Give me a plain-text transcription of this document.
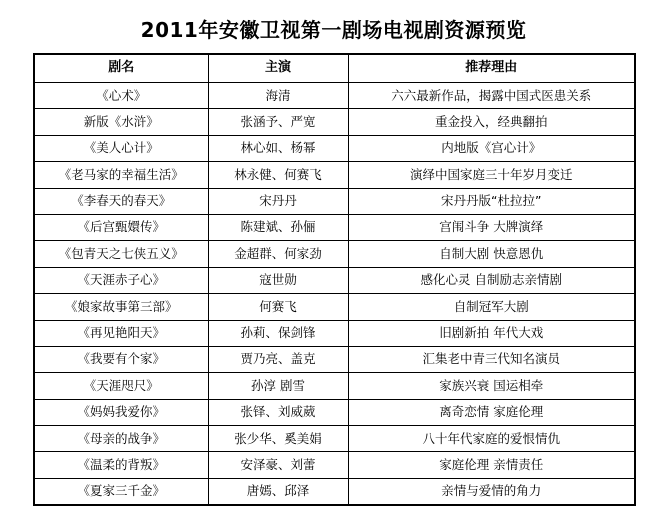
2011年安徽卫视第一剧场电视剧资源预览
剧名	主演	推荐理由
《心术》	海清	六六最新作品，揭露中国式医患关系
新版《水浒》	张涵予、严宽	重金投入，经典翻拍
《美人心计》	林心如、杨幂	内地版《宫心计》
《老马家的幸福生活》	林永健、何赛飞	演绎中国家庭三十年岁月变迁
《李春天的春天》	宋丹丹	宋丹丹版“杜拉拉”
《后宫甄嬛传》	陈建斌、孙俪	宫闱斗争 大牌演绎
《包青天之七侠五义》	金超群、何家劲	自制大剧 快意恩仇
《天涯赤子心》	寇世勋	感化心灵 自制励志亲情剧
《娘家故事第三部》	何赛飞	自制冠军大剧
《再见艳阳天》	孙莉、保剑锋	旧剧新拍 年代大戏
《我要有个家》	贾乃亮、盖克	汇集老中青三代知名演员
《天涯咫尺》	孙淳 剧雪	家族兴衰 国运相牵
《妈妈我爱你》	张铎、刘威葳	离奇恋情 家庭伦理
《母亲的战争》	张少华、奚美娟	八十年代家庭的爱恨情仇
《温柔的背叛》	安泽豪、刘蕾	家庭伦理 亲情责任
《夏家三千金》	唐嫣、邱泽	亲情与爱情的角力
